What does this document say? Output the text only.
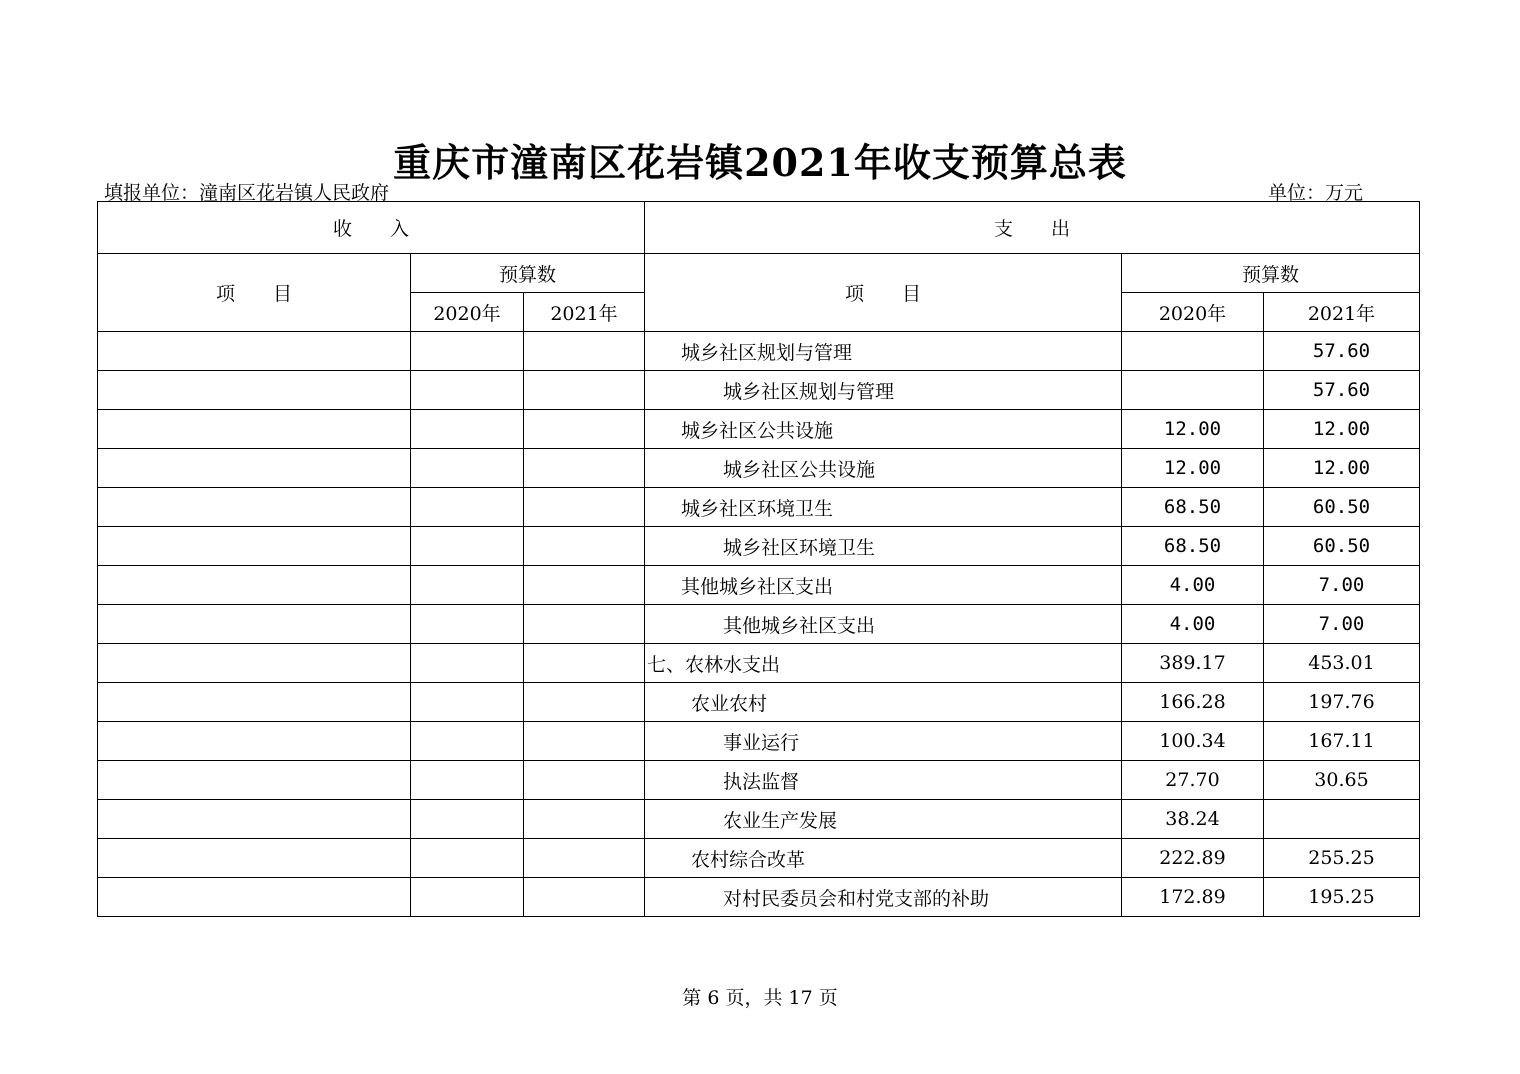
重庆市潼南区花岩镇2021年收支预算总表
填报单位：潼南区花岩镇人民政府	单位：万元
收　　入			支　　出		
项　　目	预算数		项　　目	预算数	
	2020年	2021年		2020年	2021年
			城乡社区规划与管理		57.60
			城乡社区规划与管理		57.60
			城乡社区公共设施	12.00	12.00
			城乡社区公共设施	12.00	12.00
			城乡社区环境卫生	68.50	60.50
			城乡社区环境卫生	68.50	60.50
			其他城乡社区支出	4.00	7.00
			其他城乡社区支出	4.00	7.00
			七、农林水支出	389.17	453.01
			农业农村	166.28	197.76
			事业运行	100.34	167.11
			执法监督	27.70	30.65
			农业生产发展	38.24	
			农村综合改革	222.89	255.25
			对村民委员会和村党支部的补助	172.89	195.25
第 6 页，共 17 页
